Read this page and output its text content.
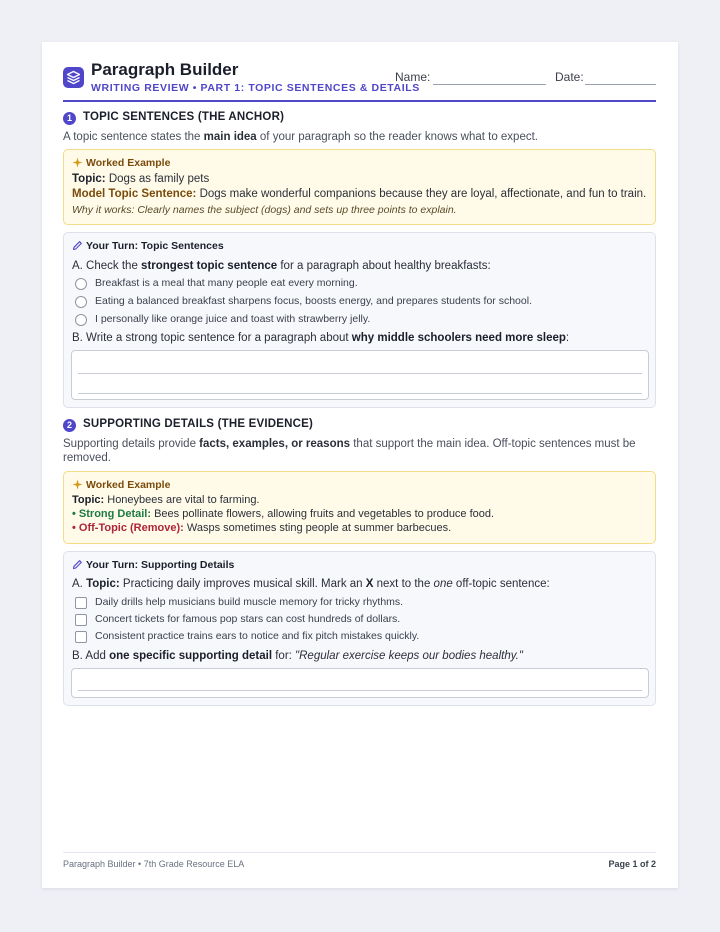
Paragraph Builder
WRITING REVIEW • PART 1: TOPIC SENTENCES & DETAILS
Name:	Date:
1 TOPIC SENTENCES (THE ANCHOR)
A topic sentence states the main idea of your paragraph so the reader knows what to expect.
Worked Example
Topic: Dogs as family pets
Model Topic Sentence: Dogs make wonderful companions because they are loyal, affectionate, and fun to train.
Why it works: Clearly names the subject (dogs) and sets up three points to explain.
Your Turn: Topic Sentences
A. Check the strongest topic sentence for a paragraph about healthy breakfasts:
Breakfast is a meal that many people eat every morning.
Eating a balanced breakfast sharpens focus, boosts energy, and prepares students for school.
I personally like orange juice and toast with strawberry jelly.
B. Write a strong topic sentence for a paragraph about why middle schoolers need more sleep:
2 SUPPORTING DETAILS (THE EVIDENCE)
Supporting details provide facts, examples, or reasons that support the main idea. Off-topic sentences must be
removed.
Worked Example
Topic: Honeybees are vital to farming.
• Strong Detail: Bees pollinate flowers, allowing fruits and vegetables to produce food.
• Off-Topic (Remove): Wasps sometimes sting people at summer barbecues.
Your Turn: Supporting Details
A. Topic: Practicing daily improves musical skill. Mark an X next to the one off-topic sentence:
Daily drills help musicians build muscle memory for tricky rhythms.
Concert tickets for famous pop stars can cost hundreds of dollars.
Consistent practice trains ears to notice and fix pitch mistakes quickly.
B. Add one specific supporting detail for: "Regular exercise keeps our bodies healthy."
Paragraph Builder • 7th Grade Resource ELA	Page 1 of 2
